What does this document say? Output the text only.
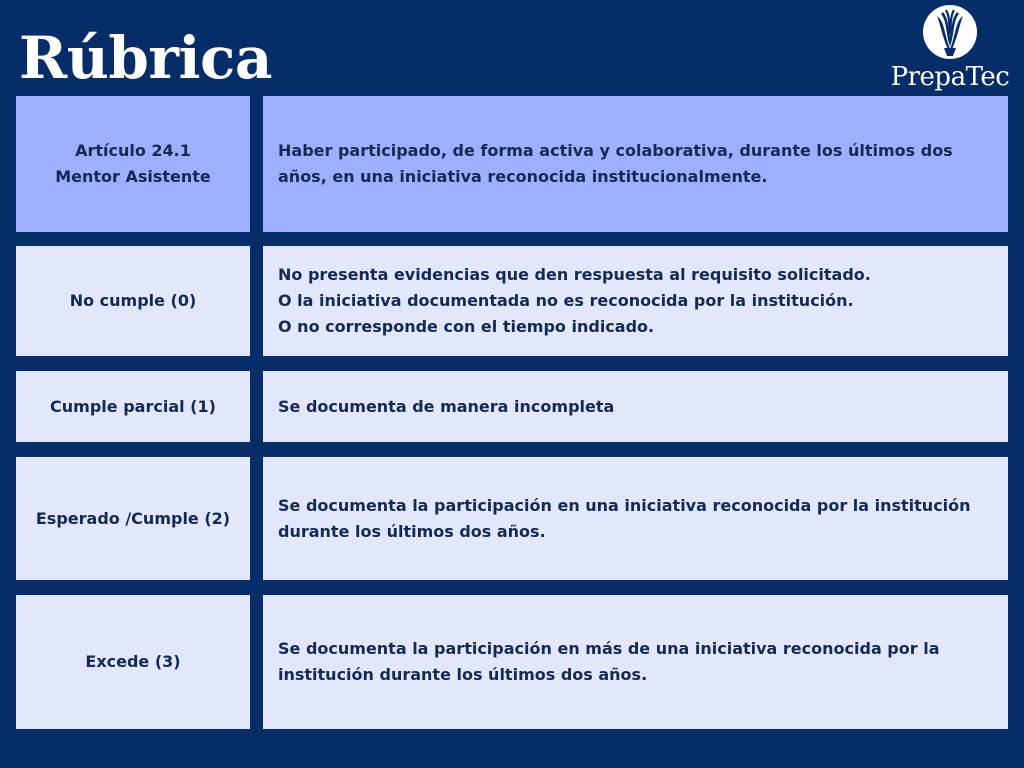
Rúbrica	PrepaTec
Artículo 24.1
Mentor Asistente
Haber participado, de forma activa y colaborativa, durante los últimos dos
años, en una iniciativa reconocida institucionalmente.
No cumple (0)
No presenta evidencias que den respuesta al requisito solicitado.
O la iniciativa documentada no es reconocida por la institución.
O no corresponde con el tiempo indicado.
Cumple parcial (1)	Se documenta de manera incompleta
Esperado /Cumple (2)
Se documenta la participación en una iniciativa reconocida por la institución
durante los últimos dos años.
Excede (3)
Se documenta la participación en más de una iniciativa reconocida por la
institución durante los últimos dos años.
